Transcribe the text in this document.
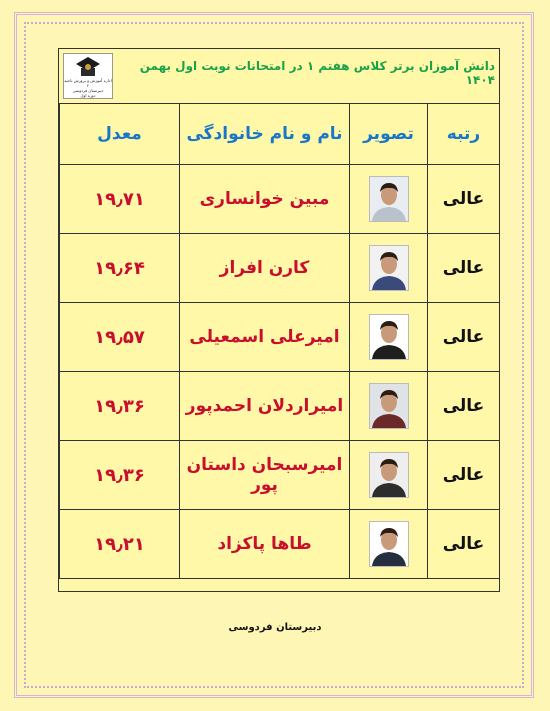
اداره آموزش و پرورش ناحیه ۲
دبیرستان فردوسی
دوره اول
دانش آموزان برتر کلاس هفتم ۱ در امتحانات نوبت اول بهمن ۱۴۰۴
رتبه	تصویر	نام و نام خانوادگی	معدل
عالی		مبین خوانساری	۱۹٫۷۱
عالی		کارن افراز	۱۹٫۶۴
عالی		امیرعلی اسمعیلی	۱۹٫۵۷
عالی		امیراردلان احمدپور	۱۹٫۳۶
عالی		امیرسبحان داستان پور	۱۹٫۳۶
عالی		طاها پاکزاد	۱۹٫۲۱
دبیرستان فردوسی
